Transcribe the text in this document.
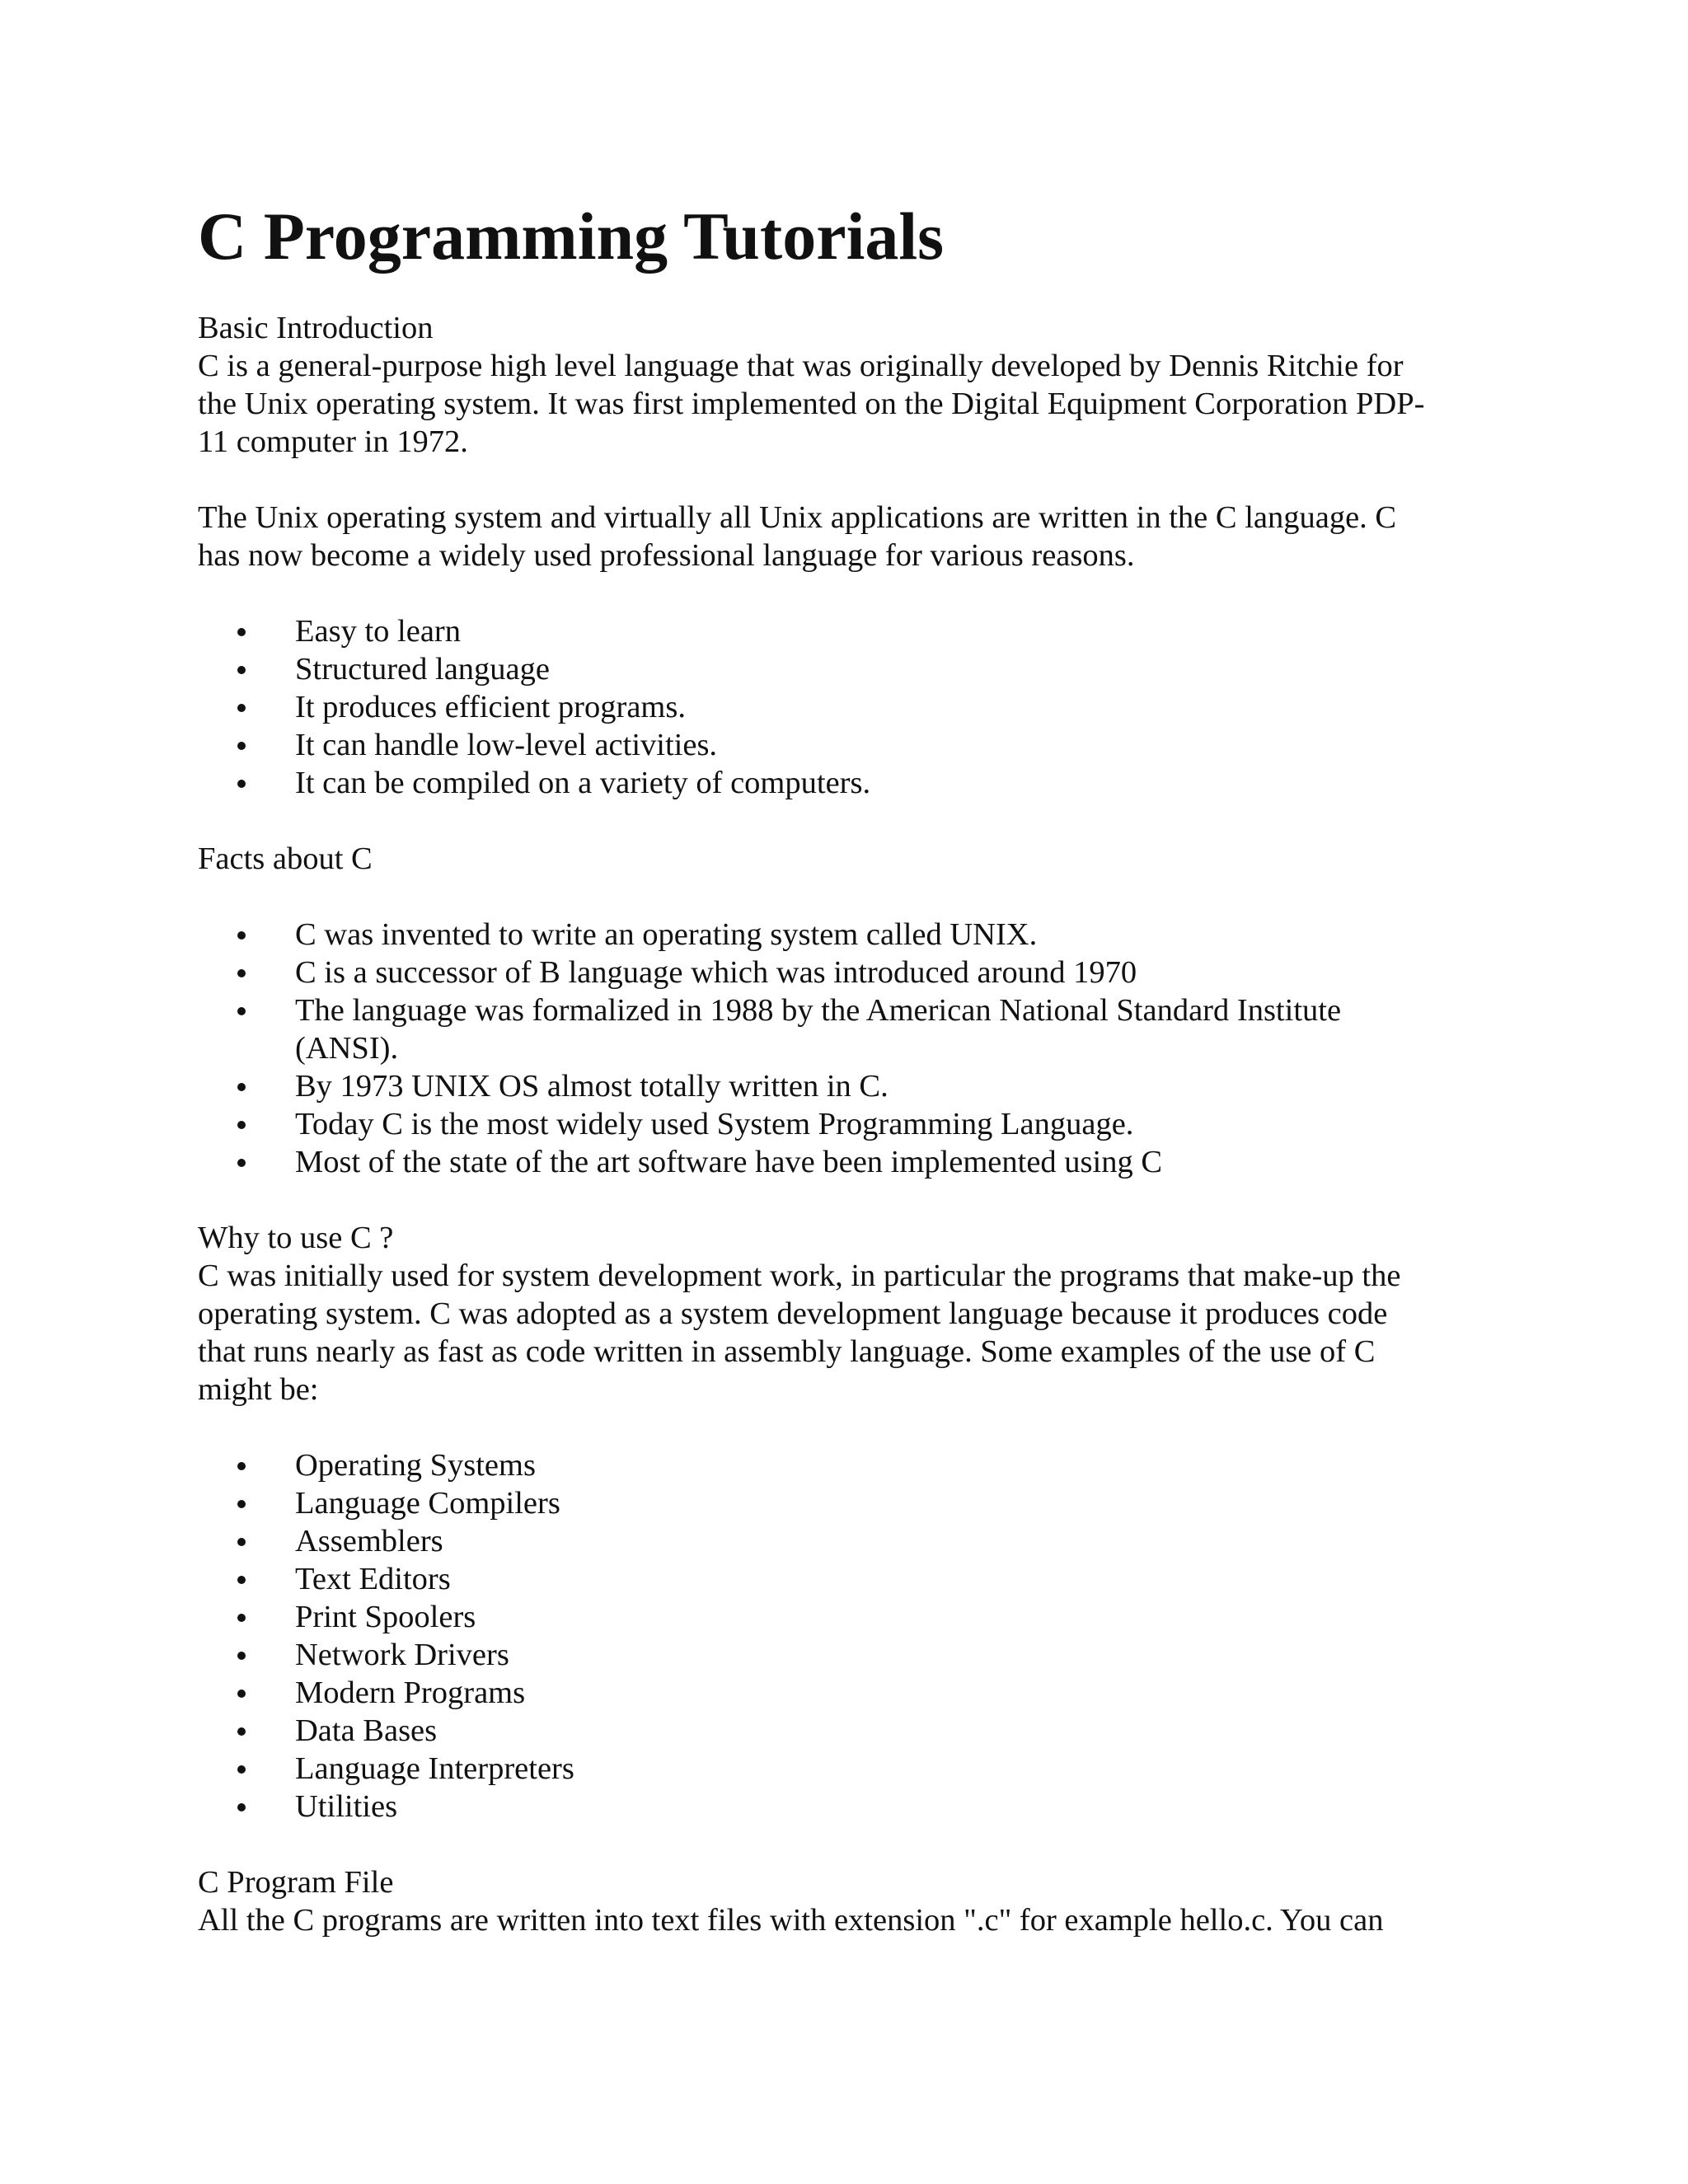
C Programming Tutorials

Basic Introduction

C is a general-purpose high level language that was originally developed by Dennis Ritchie for

the Unix operating system. It was first implemented on the Digital Equipment Corporation PDP-

11 computer in 1972.

The Unix operating system and virtually all Unix applications are written in the C language. C

has now become a widely used professional language for various reasons.

Easy to learn
Structured language
It produces efficient programs.
It can handle low-level activities.
It can be compiled on a variety of computers.

Facts about C

C was invented to write an operating system called UNIX.
C is a successor of B language which was introduced around 1970
The language was formalized in 1988 by the American National Standard Institute
(ANSI).
By 1973 UNIX OS almost totally written in C.
Today C is the most widely used System Programming Language.
Most of the state of the art software have been implemented using C

Why to use C ?

C was initially used for system development work, in particular the programs that make-up the

operating system. C was adopted as a system development language because it produces code

that runs nearly as fast as code written in assembly language. Some examples of the use of C

might be:

Operating Systems
Language Compilers
Assemblers
Text Editors
Print Spoolers
Network Drivers
Modern Programs
Data Bases
Language Interpreters
Utilities

C Program File

All the C programs are written into text files with extension ".c" for example hello.c. You can
